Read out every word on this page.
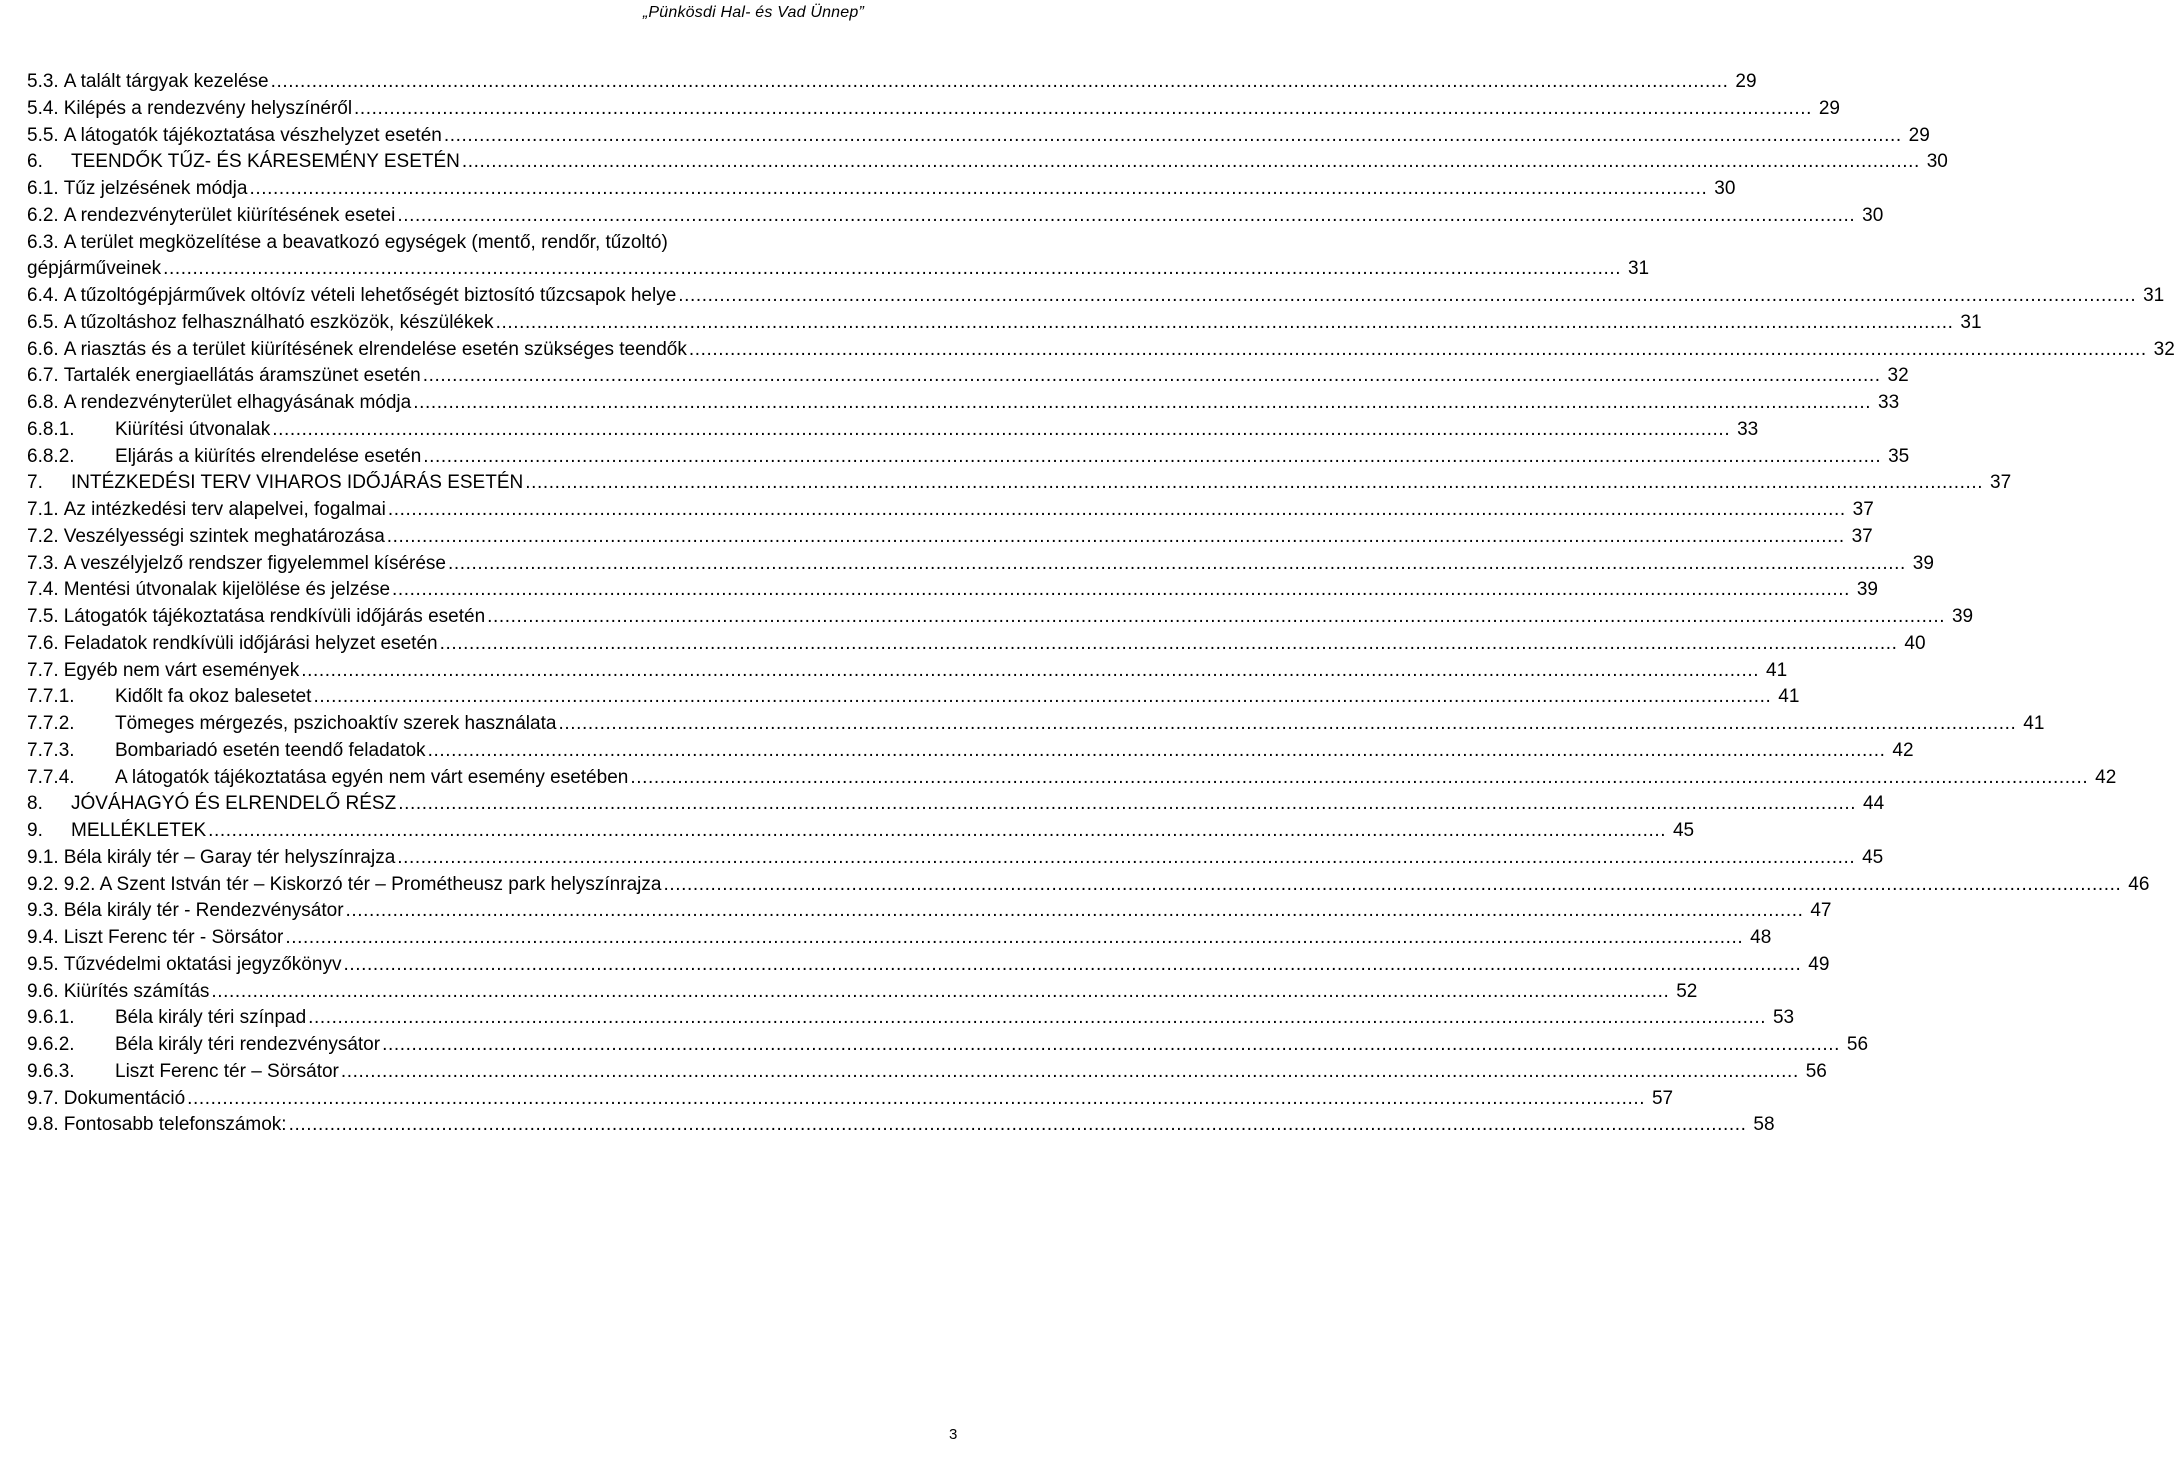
„Pünkösdi Hal- és Vad Ünnep”
5.3. A talált tárgyak kezelése .....	29
5.4. Kilépés a rendezvény helyszínéről .....	29
5.5. A látogatók tájékoztatása vészhelyzet esetén .....	29
6.	TEENDŐK TŰZ- ÉS KÁRESEMÉNY ESETÉN .....	30
6.1. Tűz jelzésének módja .....	30
6.2. A rendezvényterület kiürítésének esetei .....	30
6.3. A terület megközelítése a beavatkozó egységek (mentő, rendőr, tűzoltó)
gépjárműveinek .....	31
6.4. A tűzoltógépjárművek oltóvíz vételi lehetőségét biztosító tűzcsapok helye .....	31
6.5. A tűzoltáshoz felhasználható eszközök, készülékek .....	31
6.6. A riasztás és a terület kiürítésének elrendelése esetén szükséges teendők .....	32
6.7. Tartalék energiaellátás áramszünet esetén .....	32
6.8. A rendezvényterület elhagyásának módja .....	33
6.8.1.	Kiürítési útvonalak .....	33
6.8.2.	Eljárás a kiürítés elrendelése esetén .....	35
7.	INTÉZKEDÉSI TERV VIHAROS IDŐJÁRÁS ESETÉN .....	37
7.1. Az intézkedési terv alapelvei, fogalmai .....	37
7.2. Veszélyességi szintek meghatározása .....	37
7.3. A veszélyjelző rendszer figyelemmel kísérése .....	39
7.4. Mentési útvonalak kijelölése és jelzése .....	39
7.5. Látogatók tájékoztatása rendkívüli időjárás esetén .....	39
7.6. Feladatok rendkívüli időjárási helyzet esetén .....	40
7.7. Egyéb nem várt események .....	41
7.7.1.	Kidőlt fa okoz balesetet .....	41
7.7.2.	Tömeges mérgezés, pszichoaktív szerek használata .....	41
7.7.3.	Bombariadó esetén teendő feladatok .....	42
7.7.4.	A látogatók tájékoztatása egyén nem várt esemény esetében .....	42
8.	JÓVÁHAGYÓ ÉS ELRENDELŐ RÉSZ .....	44
9.	MELLÉKLETEK .....	45
9.1. Béla király tér – Garay tér helyszínrajza .....	45
9.2. 9.2. A Szent István tér – Kiskorzó tér – Prométheusz park helyszínrajza .....	46
9.3. Béla király tér - Rendezvénysátor .....	47
9.4. Liszt Ferenc tér - Sörsátor .....	48
9.5. Tűzvédelmi oktatási jegyzőkönyv .....	49
9.6. Kiürítés számítás .....	52
9.6.1.	Béla király téri színpad .....	53
9.6.2.	Béla király téri rendezvénysátor .....	56
9.6.3.	Liszt Ferenc tér – Sörsátor .....	56
9.7. Dokumentáció .....	57
9.8. Fontosabb telefonszámok: .....	58
3
